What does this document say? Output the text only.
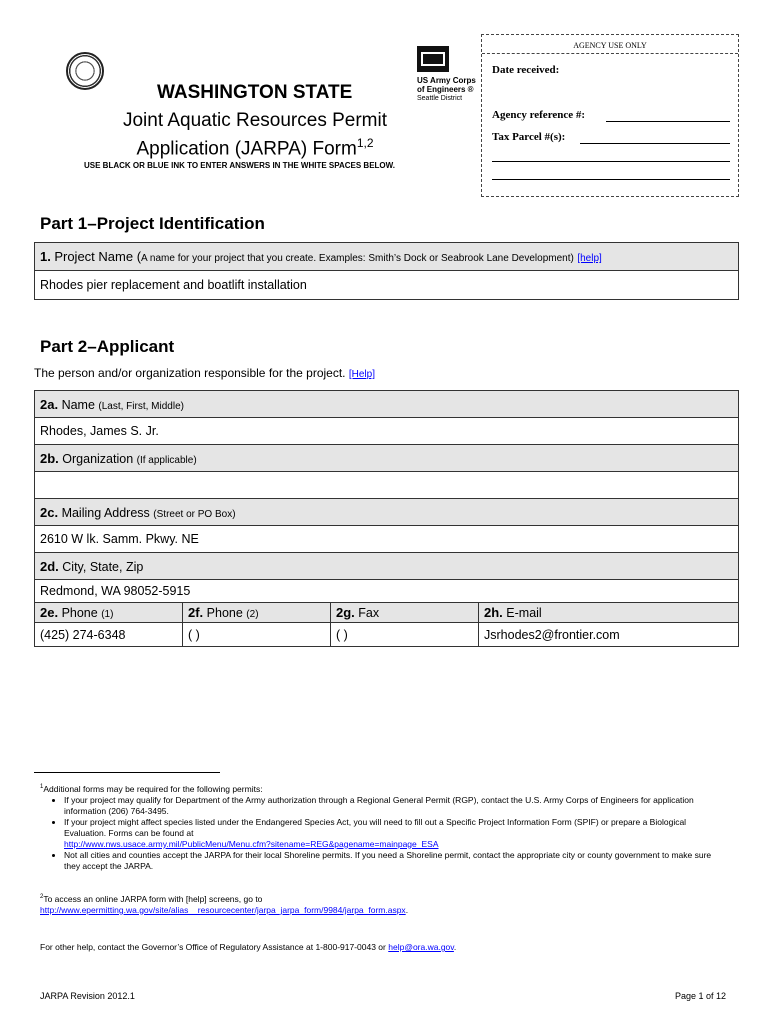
US Army Corps
of Engineers ®
Seattle District
WASHINGTON STATE
Joint Aquatic Resources Permit
Application (JARPA) Form$^{1,2}$
USE BLACK OR BLUE INK TO ENTER ANSWERS IN THE WHITE SPACES BELOW.
AGENCY USE ONLY
Date received:
Agency reference #:
Tax Parcel #(s):
Part 1–Project Identification
1. Project Name (A name for your project that you create. Examples: Smith’s Dock or Seabrook Lane Development) [help]
Rhodes pier replacement and boatlift installation
Part 2–Applicant
The person and/or organization responsible for the project. [Help]
2a. Name (Last, First, Middle)			
Rhodes, James S. Jr.			
2b. Organization (If applicable)			

2c. Mailing Address (Street or PO Box)			
2610 W lk. Samm. Pkwy. NE			
2d. City, State, Zip			
Redmond, WA 98052-5915			
2e. Phone (1)	2f. Phone (2)	2g. Fax	2h. E-mail
(425) 274-6348	( )	( )	Jsrhodes2@frontier.com
$^1$Additional forms may be required for the following permits:
• If your project may qualify for Department of the Army authorization through a Regional General Permit (RGP), contact the U.S. Army Corps of Engineers for application information (206) 764-3495.
• If your project might affect species listed under the Endangered Species Act, you will need to fill out a Specific Project Information Form (SPIF) or prepare a Biological Evaluation. Forms can be found at
http://www.nws.usace.army.mil/PublicMenu/Menu.cfm?sitename=REG&pagename=mainpage_ESA
• Not all cities and counties accept the JARPA for their local Shoreline permits. If you need a Shoreline permit, contact the appropriate city or county government to make sure they accept the JARPA.
$^2$To access an online JARPA form with [help] screens, go to
http://www.epermitting.wa.gov/site/alias__resourcecenter/jarpa_jarpa_form/9984/jarpa_form.aspx.
For other help, contact the Governor’s Office of Regulatory Assistance at 1-800-917-0043 or help@ora.wa.gov.
JARPA Revision 2012.1	Page 1 of 12
